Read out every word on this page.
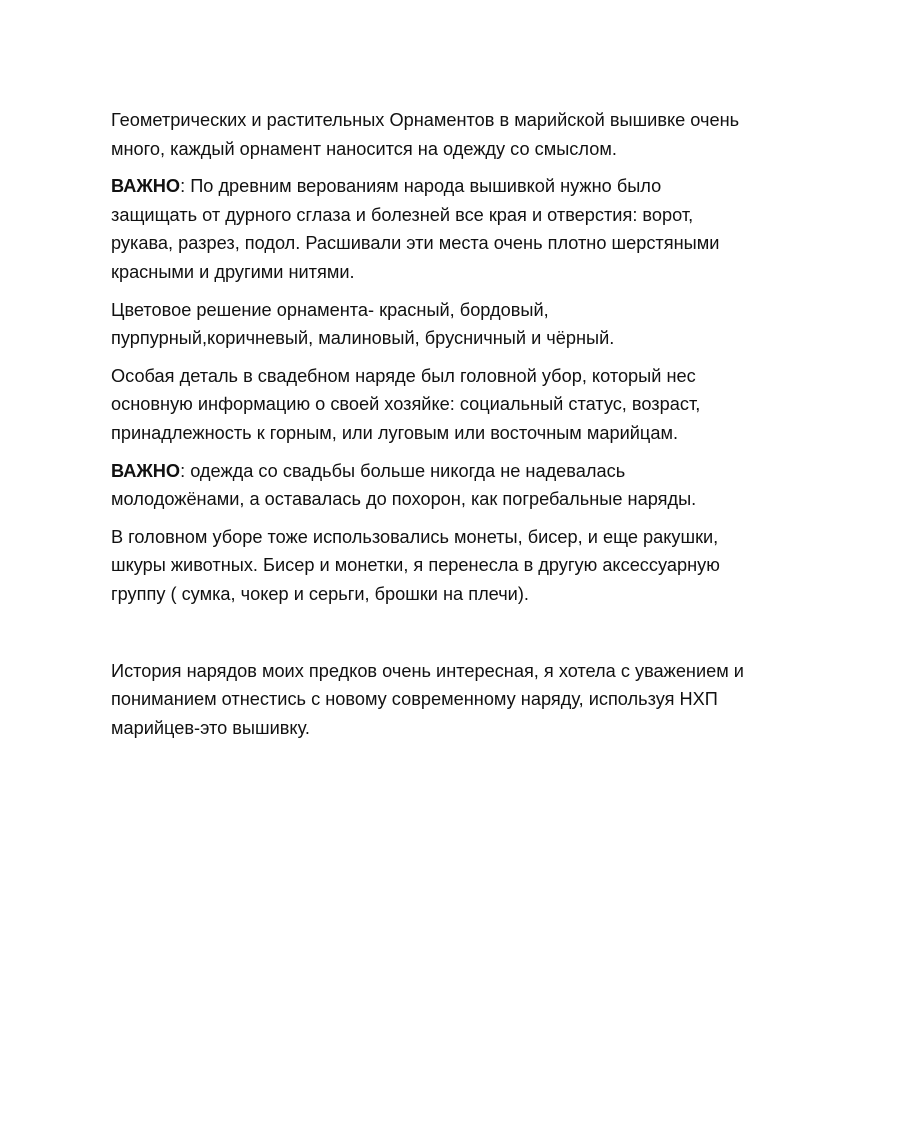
Геометрических и растительных Орнаментов в марийской вышивке очень
много, каждый орнамент наносится на одежду со смыслом.

ВАЖНО: По древним верованиям народа вышивкой нужно было
защищать от дурного сглаза и болезней все края и отверстия: ворот,
рукава, разрез, подол. Расшивали эти места очень плотно шерстяными
красными и другими нитями.

Цветовое решение орнамента- красный, бордовый,
пурпурный,коричневый, малиновый, брусничный и чёрный.

Особая деталь в свадебном наряде был головной убор, который нес
основную информацию о своей хозяйке: социальный статус, возраст,
принадлежность к горным, или луговым или восточным марийцам.

ВАЖНО: одежда со свадьбы больше никогда не надевалась
молодожёнами, а оставалась до похорон, как погребальные наряды.

В головном уборе тоже использовались монеты, бисер, и еще ракушки,
шкуры животных. Бисер и монетки, я перенесла в другую аксессуарную
группу ( сумка, чокер и серьги, брошки на плечи).

История нарядов моих предков очень интересная, я хотела с уважением и
пониманием отнестись с новому современному наряду, используя НХП
марийцев-это вышивку.
